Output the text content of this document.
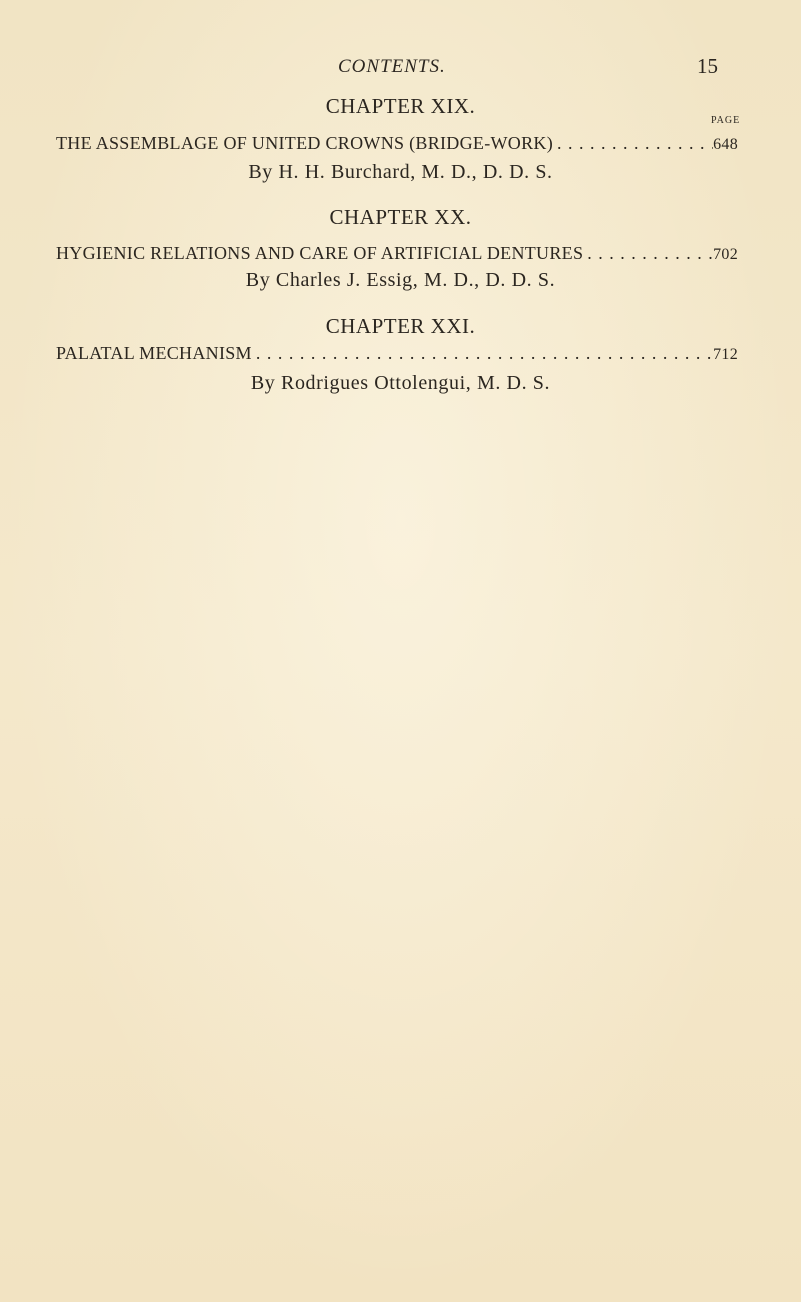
CONTENTS.	15
CHAPTER XIX.
PAGE
THE ASSEMBLAGE OF UNITED CROWNS (BRIDGE-WORK) . . .	648
By H. H. Burchard, M. D., D. D. S.
CHAPTER XX.
HYGIENIC RELATIONS AND CARE OF ARTIFICIAL DENTURES . . .	702
By Charles J. Essig, M. D., D. D. S.
CHAPTER XXI.
PALATAL MECHANISM . . .	712
By Rodrigues Ottolengui, M. D. S.
